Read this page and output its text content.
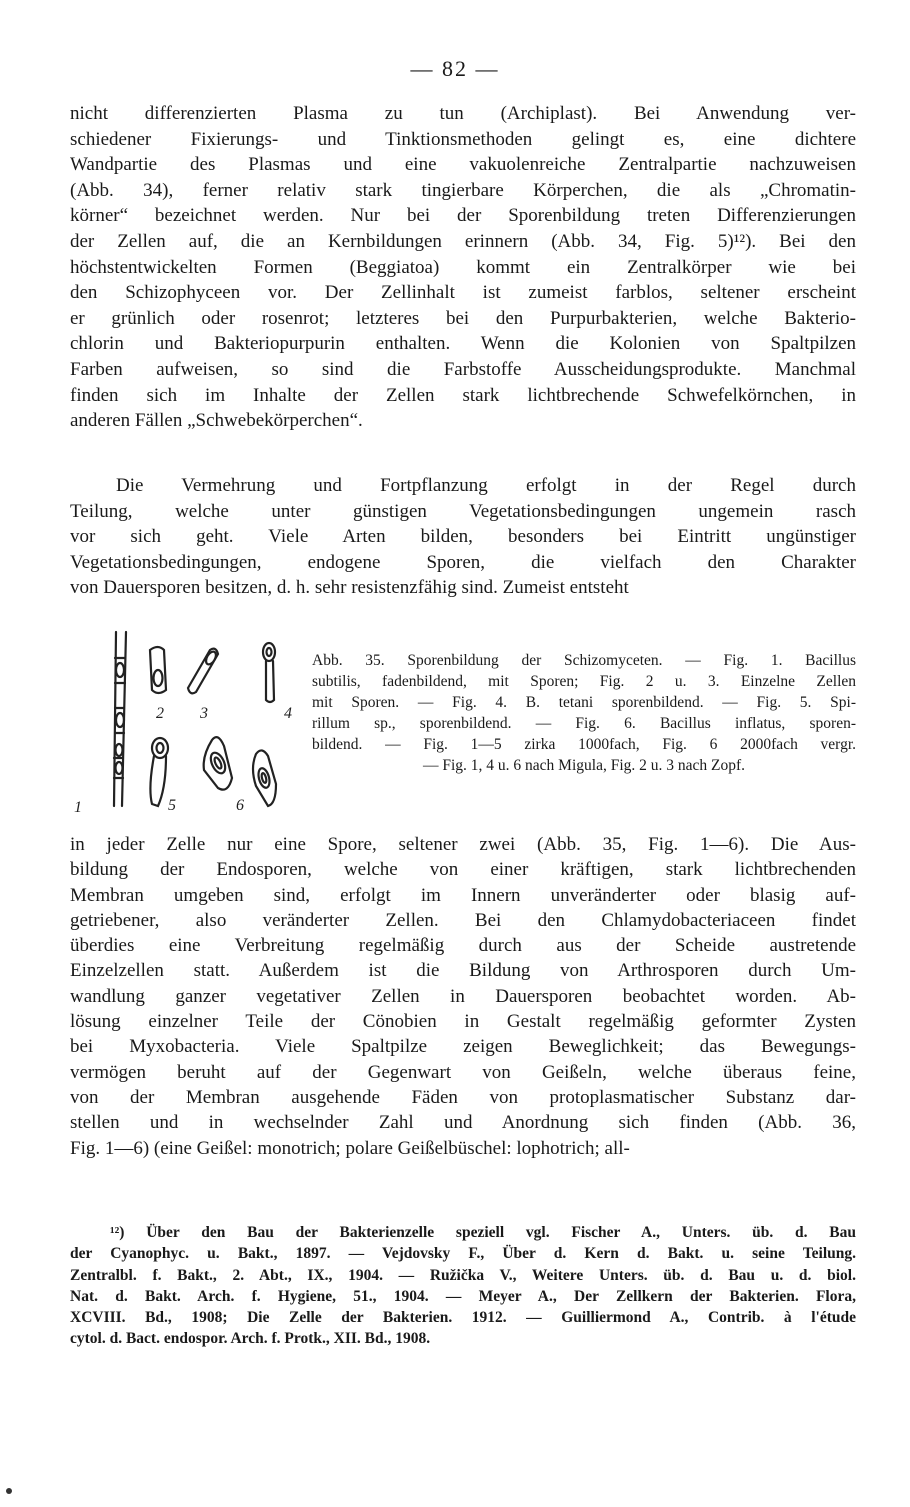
— 82 —
nicht differenzierten Plasma zu tun (Archiplast). Bei Anwendung ver-
schiedener Fixierungs- und Tinktionsmethoden gelingt es, eine dichtere
Wandpartie des Plasmas und eine vakuolenreiche Zentralpartie nachzuweisen
(Abb. 34), ferner relativ stark tingierbare Körperchen, die als „Chromatin-
körner“ bezeichnet werden. Nur bei der Sporenbildung treten Differenzierungen
der Zellen auf, die an Kernbildungen erinnern (Abb. 34, Fig. 5)¹²). Bei den
höchstentwickelten Formen (Beggiatoa) kommt ein Zentralkörper wie bei
den Schizophyceen vor. Der Zellinhalt ist zumeist farblos, seltener erscheint
er grünlich oder rosenrot; letzteres bei den Purpurbakterien, welche Bakterio-
chlorin und Bakteriopurpurin enthalten. Wenn die Kolonien von Spaltpilzen
Farben aufweisen, so sind die Farbstoffe Ausscheidungsprodukte. Manchmal
finden sich im Inhalte der Zellen stark lichtbrechende Schwefelkörnchen, in
anderen Fällen „Schwebekörperchen“.
Die Vermehrung und Fortpflanzung erfolgt in der Regel durch
Teilung, welche unter günstigen Vegetationsbedingungen ungemein rasch
vor sich geht. Viele Arten bilden, besonders bei Eintritt ungünstiger
Vegetationsbedingungen, endogene Sporen, die vielfach den Charakter
von Dauersporen besitzen, d. h. sehr resistenzfähig sind. Zumeist entsteht
1
2 3	4
5	6
Abb. 35. Sporenbildung der Schizomyceten. — Fig. 1. Bacillus
subtilis, fadenbildend, mit Sporen; Fig. 2 u. 3. Einzelne Zellen
mit Sporen. — Fig. 4. B. tetani sporenbildend. — Fig. 5. Spi-
rillum sp., sporenbildend. — Fig. 6. Bacillus inflatus, sporen-
bildend. — Fig. 1—5 zirka 1000fach, Fig. 6 2000fach vergr.
— Fig. 1, 4 u. 6 nach Migula, Fig. 2 u. 3 nach Zopf.
in jeder Zelle nur eine Spore, seltener zwei (Abb. 35, Fig. 1—6). Die Aus-
bildung der Endosporen, welche von einer kräftigen, stark lichtbrechenden
Membran umgeben sind, erfolgt im Innern unveränderter oder blasig auf-
getriebener, also veränderter Zellen. Bei den Chlamydobacteriaceen findet
überdies eine Verbreitung regelmäßig durch aus der Scheide austretende
Einzelzellen statt. Außerdem ist die Bildung von Arthrosporen durch Um-
wandlung ganzer vegetativer Zellen in Dauersporen beobachtet worden. Ab-
lösung einzelner Teile der Cönobien in Gestalt regelmäßig geformter Zysten
bei Myxobacteria. Viele Spaltpilze zeigen Beweglichkeit; das Bewegungs-
vermögen beruht auf der Gegenwart von Geißeln, welche überaus feine,
von der Membran ausgehende Fäden von protoplasmatischer Substanz dar-
stellen und in wechselnder Zahl und Anordnung sich finden (Abb. 36,
Fig. 1—6) (eine Geißel: monotrich; polare Geißelbüschel: lophotrich; all-
¹²) Über den Bau der Bakterienzelle speziell vgl. Fischer A., Unters. üb. d. Bau
der Cyanophyc. u. Bakt., 1897. — Vejdovsky F., Über d. Kern d. Bakt. u. seine Teilung.
Zentralbl. f. Bakt., 2. Abt., IX., 1904. — Ružička V., Weitere Unters. üb. d. Bau u. d. biol.
Nat. d. Bakt. Arch. f. Hygiene, 51., 1904. — Meyer A., Der Zellkern der Bakterien. Flora,
XCVIII. Bd., 1908; Die Zelle der Bakterien. 1912. — Guilliermond A., Contrib. à l'étude
cytol. d. Bact. endospor. Arch. f. Protk., XII. Bd., 1908.
